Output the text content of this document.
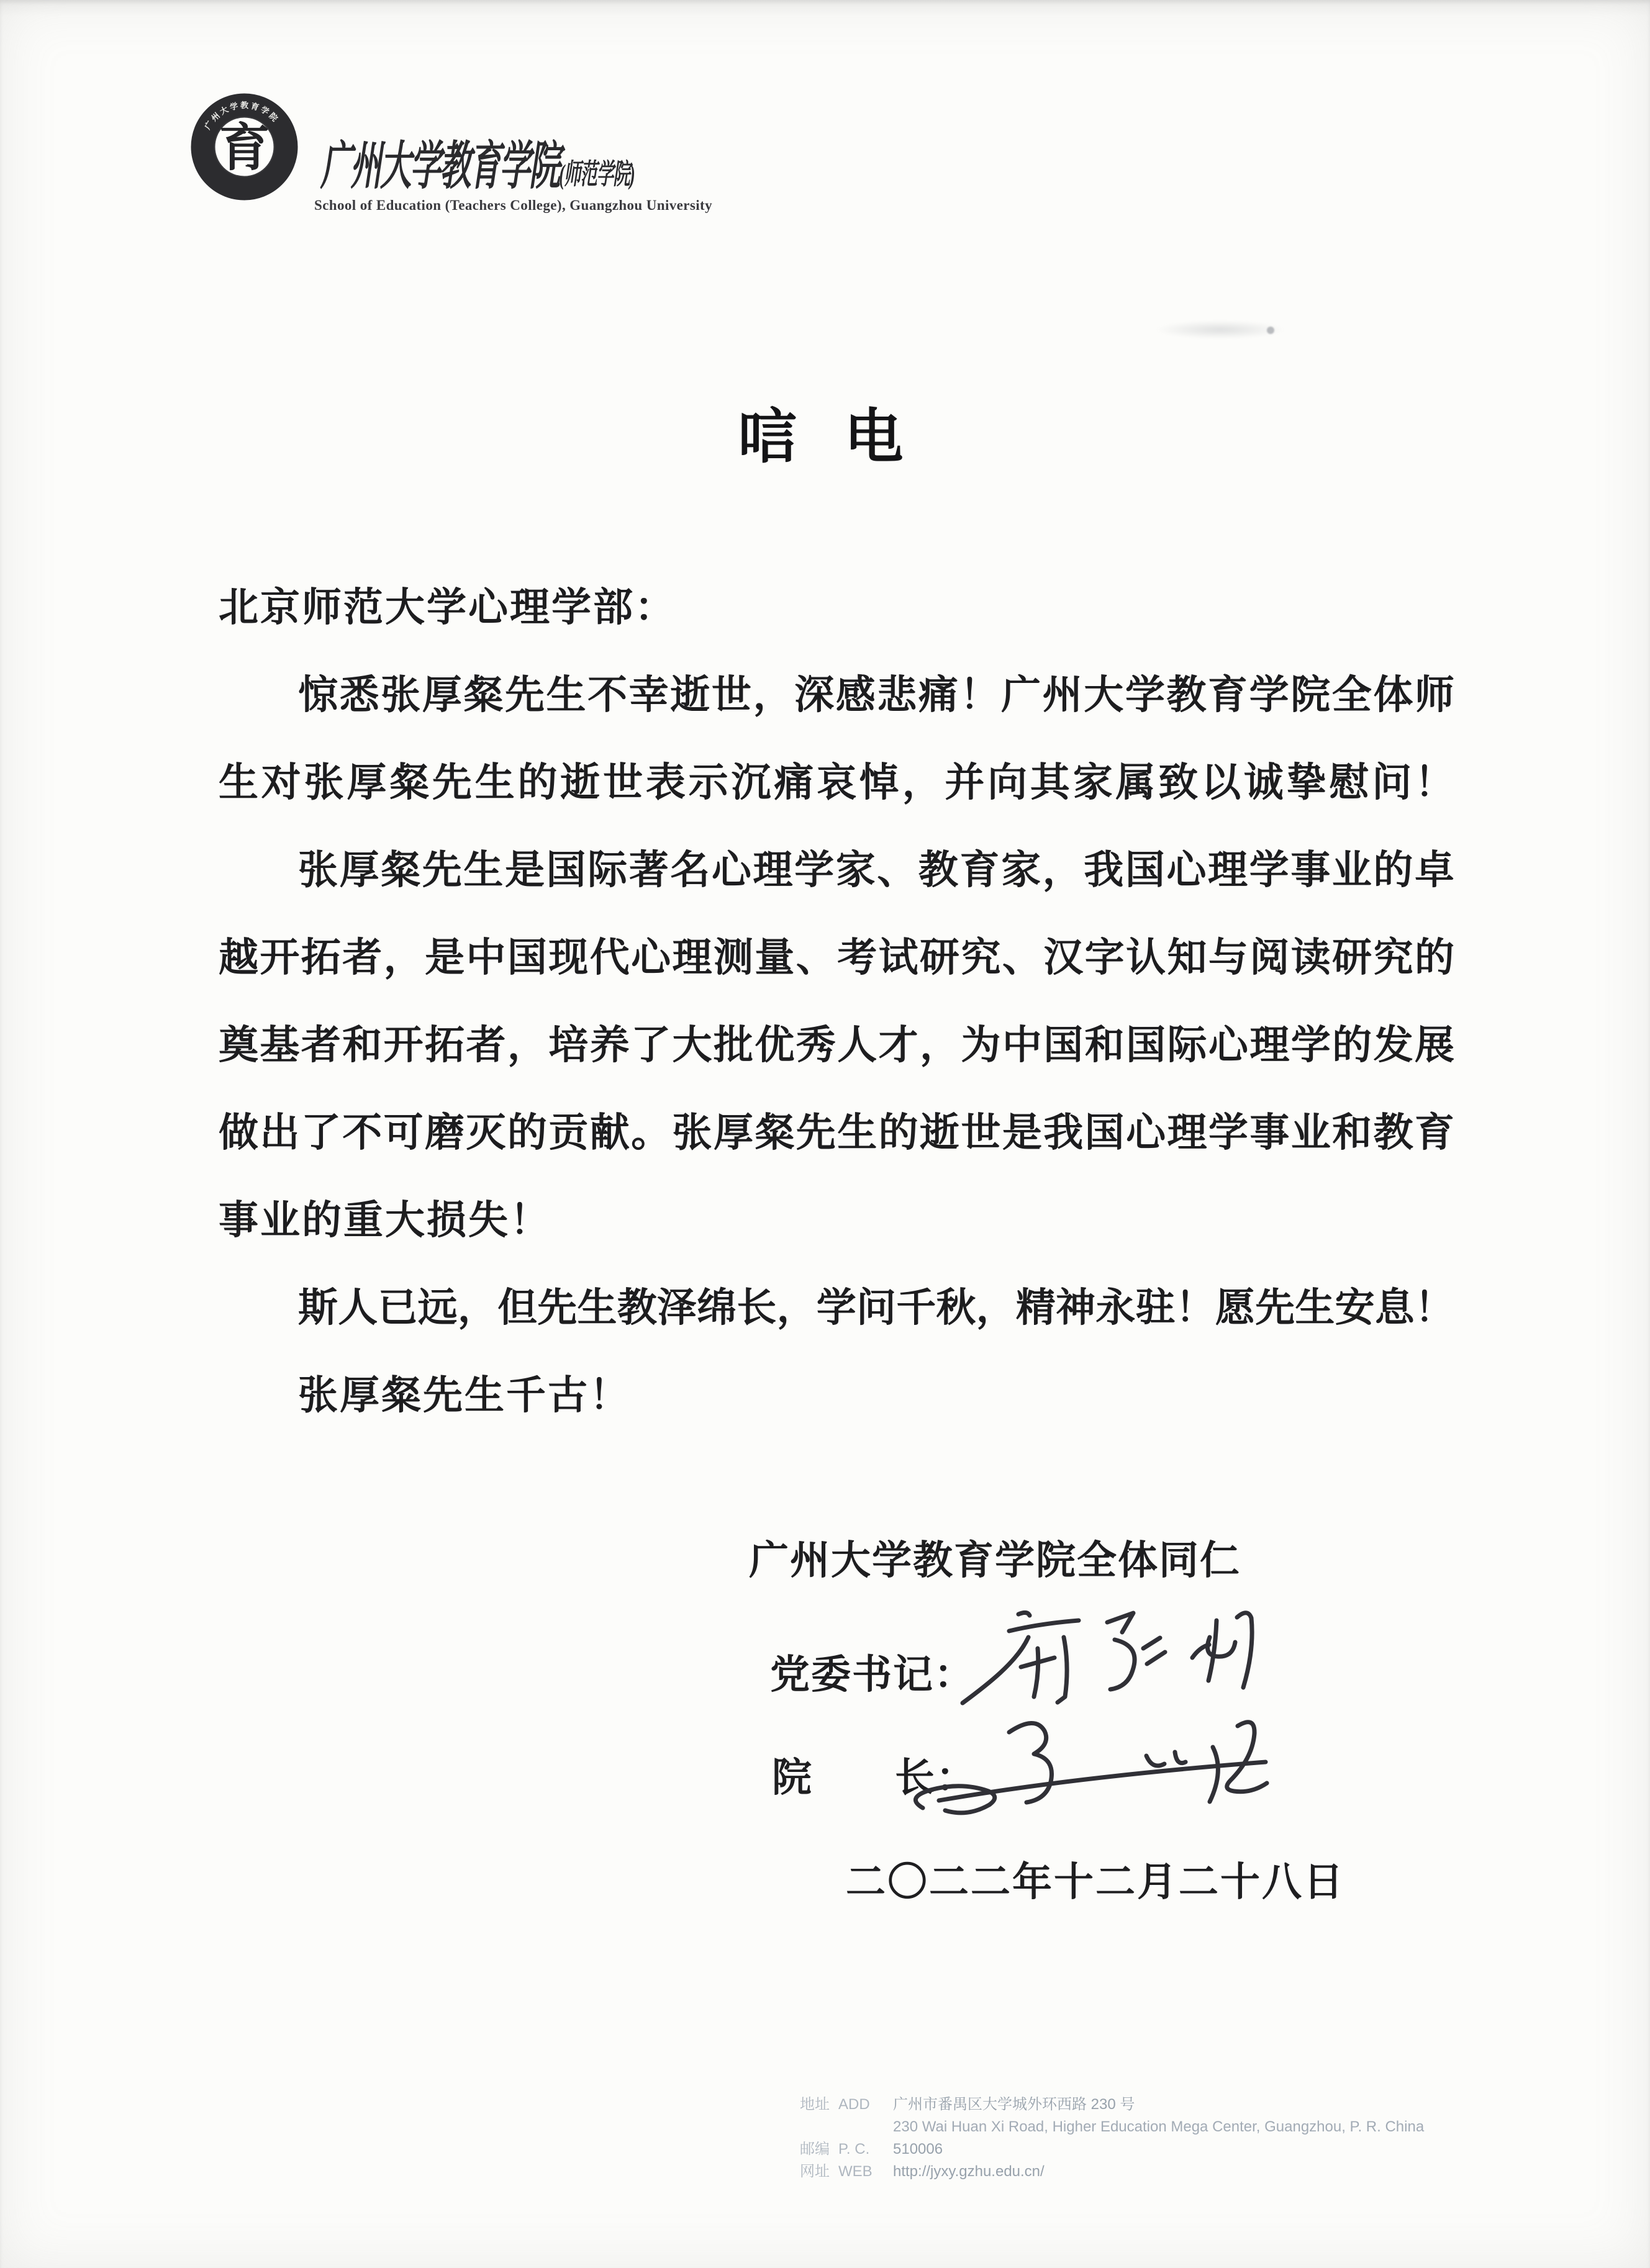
广州大学教育学院
育 广州大学教育学院(师范学院)
School of Education (Teachers College), Guangzhou University
唁电
北京师范大学心理学部：
惊悉张厚粲先生不幸逝世，深感悲痛！广州大学教育学院全体师
生对张厚粲先生的逝世表示沉痛哀悼，并向其家属致以诚挚慰问！
张厚粲先生是国际著名心理学家、教育家，我国心理学事业的卓
越开拓者，是中国现代心理测量、考试研究、汉字认知与阅读研究的
奠基者和开拓者，培养了大批优秀人才，为中国和国际心理学的发展
做出了不可磨灭的贡献。张厚粲先生的逝世是我国心理学事业和教育
事业的重大损失！
斯人已远，但先生教泽绵长，学问千秋，精神永驻！愿先生安息！
张厚粲先生千古！
广州大学教育学院全体同仁
党委书记：
院　　长：
二〇二二年十二月二十八日
地址 ADD	广州市番禺区大学城外环西路 230 号
230 Wai Huan Xi Road, Higher Education Mega Center, Guangzhou, P. R. China
邮编 P. C.	510006
网址 WEB	http://jyxy.gzhu.edu.cn/
